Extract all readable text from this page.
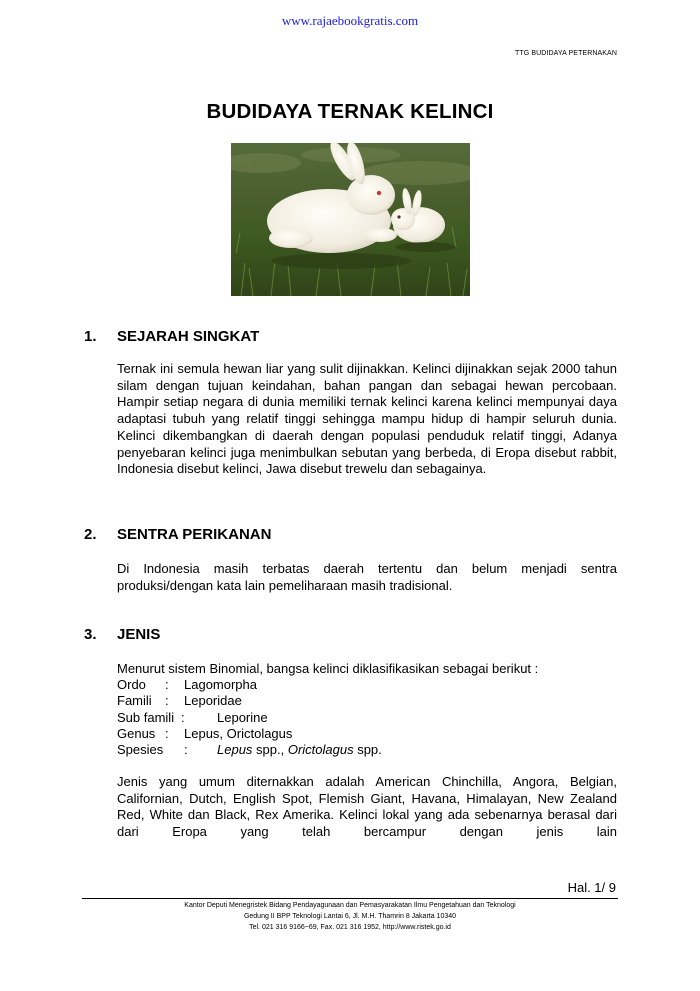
www.rajaebookgratis.com
TTG BUDIDAYA PETERNAKAN
BUDIDAYA TERNAK KELINCI
1. SEJARAH SINGKAT
Ternak ini semula hewan liar yang sulit dijinakkan. Kelinci dijinakkan sejak 2000 tahun silam dengan tujuan keindahan, bahan pangan dan sebagai hewan percobaan. Hampir setiap negara di dunia memiliki ternak kelinci karena kelinci mempunyai daya adaptasi tubuh yang relatif tinggi sehingga mampu hidup di hampir seluruh dunia. Kelinci dikembangkan di daerah dengan populasi penduduk relatif tinggi, Adanya penyebaran kelinci juga menimbulkan sebutan yang berbeda, di Eropa disebut rabbit, Indonesia disebut kelinci, Jawa disebut trewelu dan sebagainya.
2. SENTRA PERIKANAN
Di Indonesia masih terbatas daerah tertentu dan belum menjadi sentra produksi/dengan kata lain pemeliharaan masih tradisional.
3. JENIS
Menurut sistem Binomial, bangsa kelinci diklasifikasikan sebagai berikut :
Ordo : Lagomorpha
Famili : Leporidae
Sub famili : Leporine
Genus : Lepus, Orictolagus
Spesies : Lepus spp., Orictolagus spp.
Jenis yang umum diternakkan adalah American Chinchilla, Angora, Belgian, Californian, Dutch, English Spot, Flemish Giant, Havana, Himalayan, New Zealand Red, White dan Black, Rex Amerika. Kelinci lokal yang ada sebenarnya berasal dari dari Eropa yang telah bercampur dengan jenis lain
Hal. 1/ 9
Kantor Deputi Menegristek Bidang Pendayagunaan dan Pemasyarakatan Ilmu Pengetahuan dan Teknologi
Gedung II BPP Teknologi Lantai 6, Jl. M.H. Thamrin 8 Jakarta 10340
Tel. 021 316 9166~69, Fax. 021 316 1952, http://www.ristek.go.id
